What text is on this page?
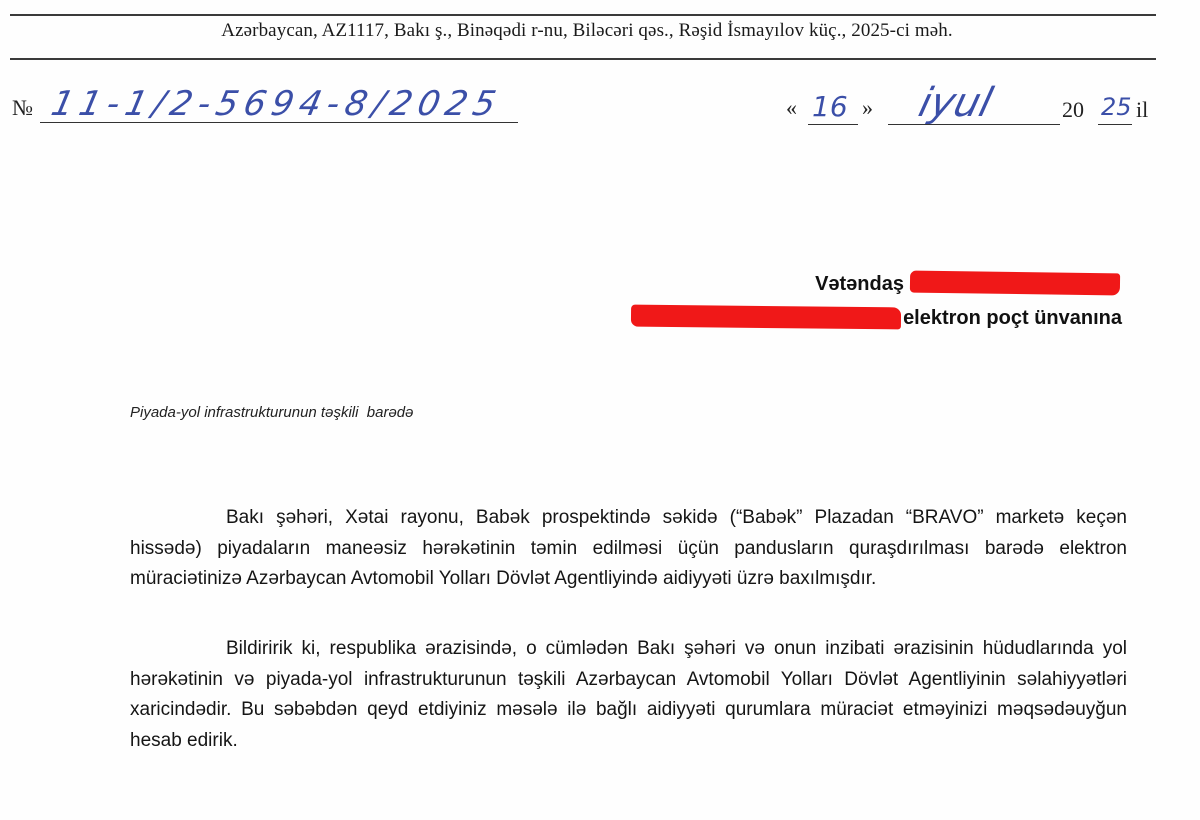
Azərbaycan, AZ1117, Bakı ş., Binəqədi r-nu, Biləcəri qəs., Rəşid İsmayılov küç., 2025-ci məh.
№ 11-1/2-5694-8/2025	« 16 » iyul	20 25 il
Vətəndaş
elektron poçt ünvanına
Piyada-yol infrastrukturunun təşkili  barədə

Bakı şəhəri, Xətai rayonu, Babək prospektində səkidə (“Babək” Plazadan “BRAVO” marketə keçən hissədə) piyadaların maneəsiz hərəkətinin təmin edilməsi üçün pandusların quraşdırılması barədə elektron müraciətinizə Azərbaycan Avtomobil Yolları Dövlət Agentliyində aidiyyəti üzrə baxılmışdır.

Bildiririk ki, respublika ərazisində, o cümlədən Bakı şəhəri və onun inzibati ərazisinin hüdudlarında yol hərəkətinin və piyada-yol infrastrukturunun təşkili Azərbaycan Avtomobil Yolları Dövlət Agentliyinin səlahiyyətləri xaricindədir. Bu səbəbdən qeyd etdiyiniz məsələ ilə bağlı aidiyyəti qurumlara müraciət etməyinizi məqsədəuyğun hesab edirik.
